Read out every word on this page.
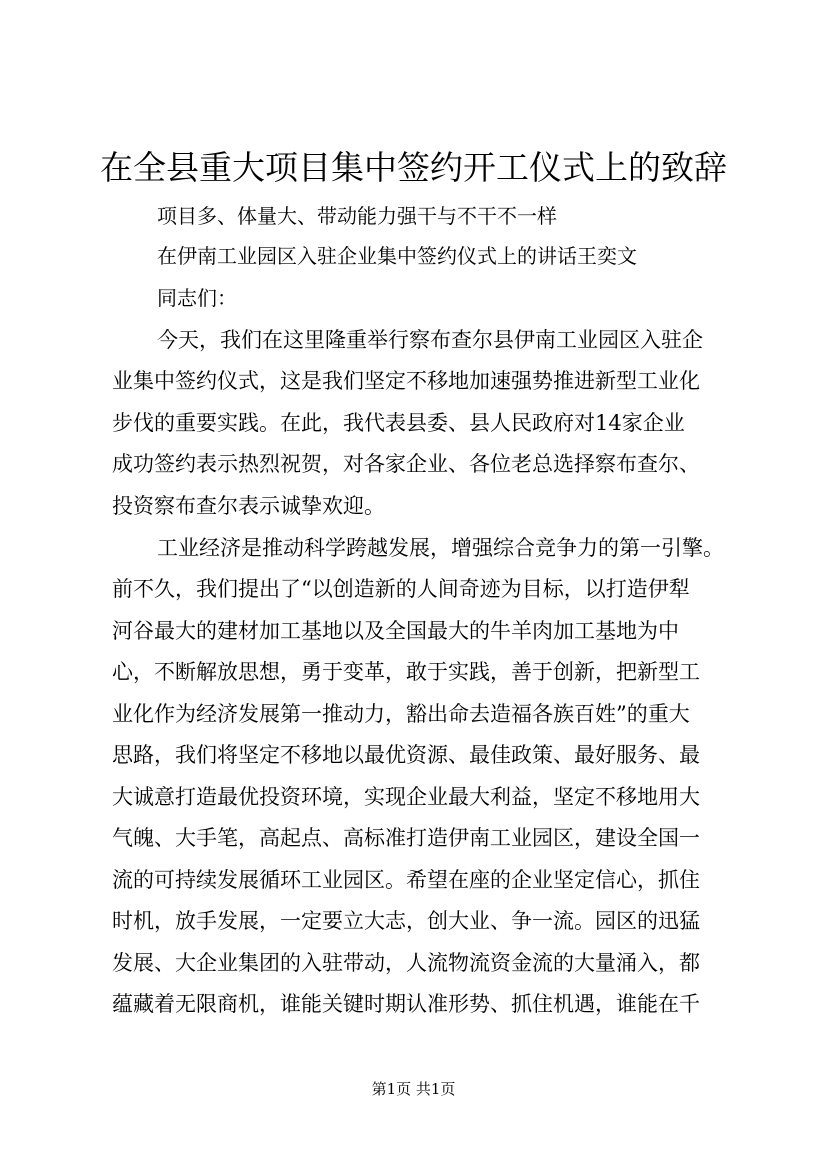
在全县重大项目集中签约开工仪式上的致辞
项目多、体量大、带动能力强干与不干不一样
在伊南工业园区入驻企业集中签约仪式上的讲话王奕文
同志们：
今天，我们在这里隆重举行察布查尔县伊南工业园区入驻企
业集中签约仪式，这是我们坚定不移地加速强势推进新型工业化
步伐的重要实践。在此，我代表县委、县人民政府对14家企业
成功签约表示热烈祝贺，对各家企业、各位老总选择察布查尔、
投资察布查尔表示诚挚欢迎。
工业经济是推动科学跨越发展，增强综合竞争力的第一引擎。
前不久，我们提出了“以创造新的人间奇迹为目标，以打造伊犁
河谷最大的建材加工基地以及全国最大的牛羊肉加工基地为中
心，不断解放思想，勇于变革，敢于实践，善于创新，把新型工
业化作为经济发展第一推动力，豁出命去造福各族百姓”的重大
思路，我们将坚定不移地以最优资源、最佳政策、最好服务、最
大诚意打造最优投资环境，实现企业最大利益，坚定不移地用大
气魄、大手笔，高起点、高标准打造伊南工业园区，建设全国一
流的可持续发展循环工业园区。希望在座的企业坚定信心，抓住
时机，放手发展，一定要立大志，创大业、争一流。园区的迅猛
发展、大企业集团的入驻带动，人流物流资金流的大量涌入，都
蕴藏着无限商机，谁能关键时期认准形势、抓住机遇，谁能在千
第1页 共1页
